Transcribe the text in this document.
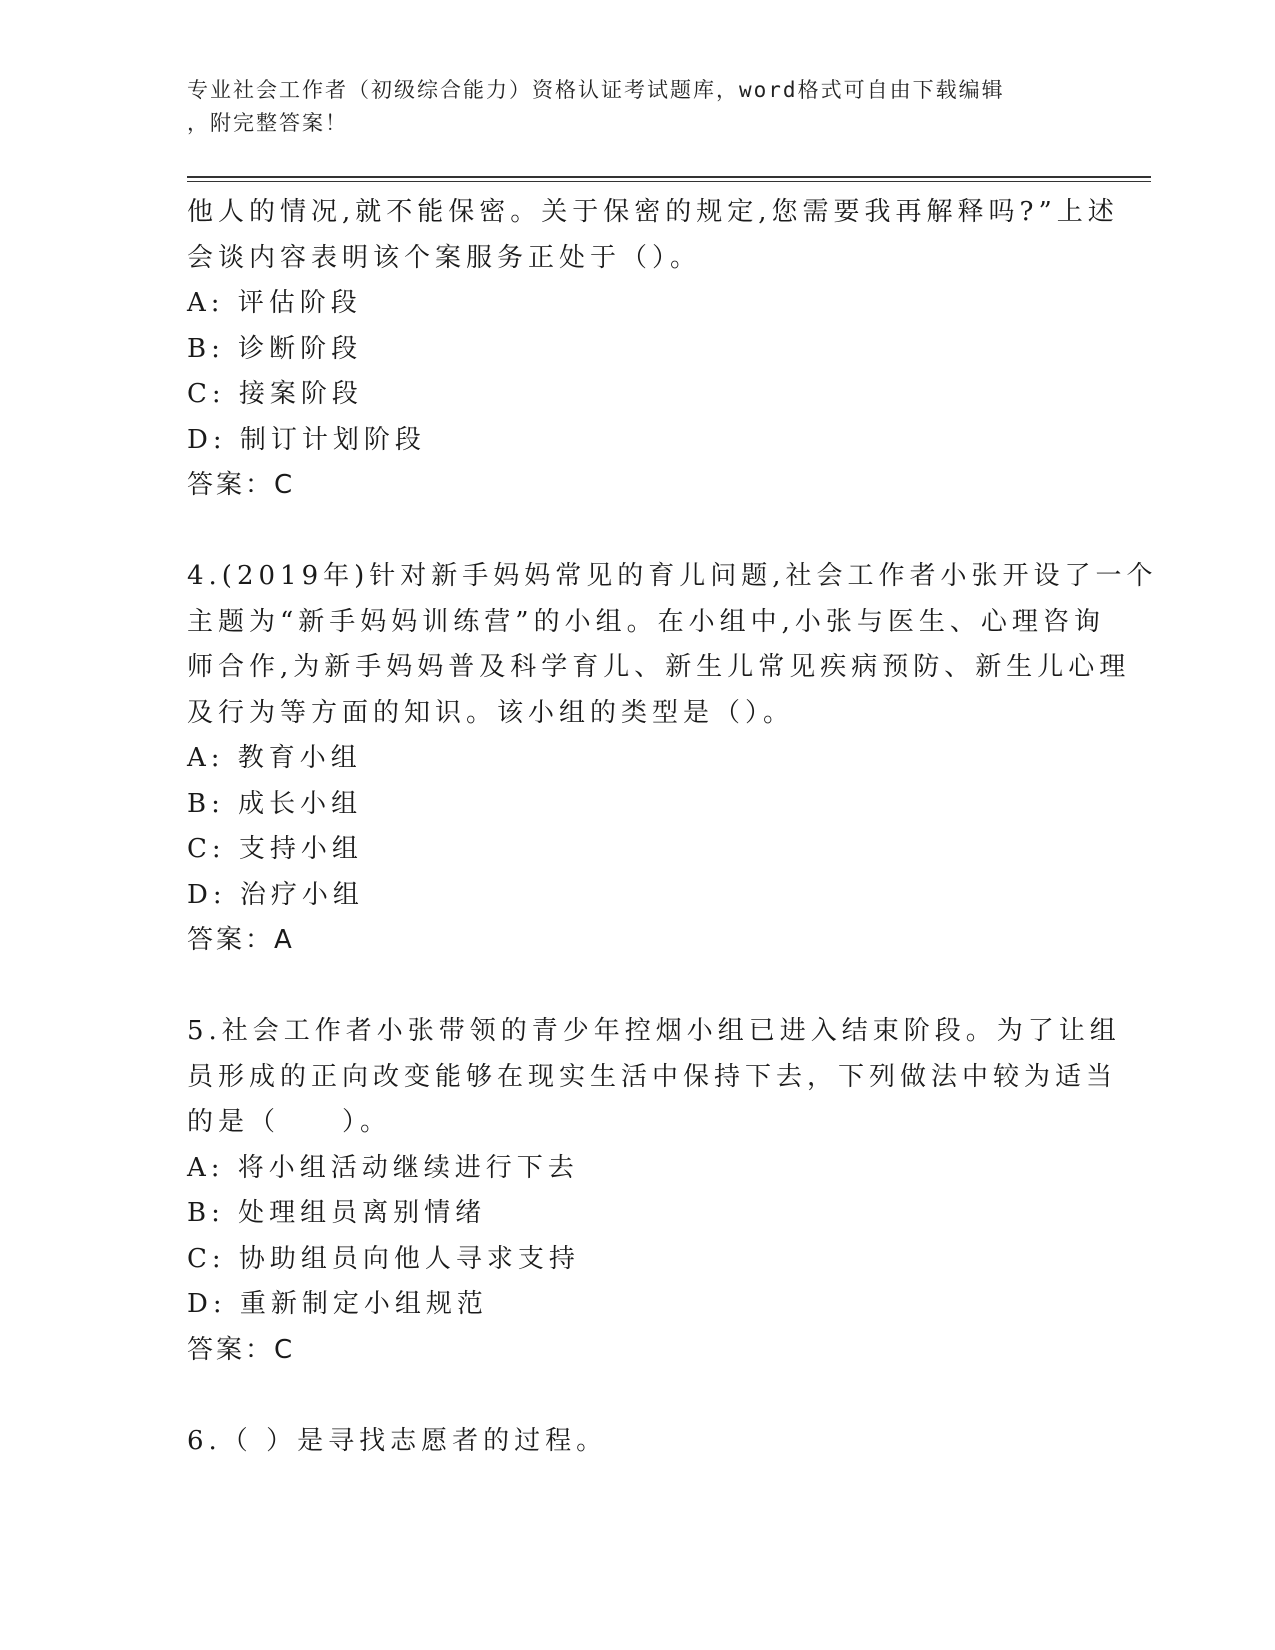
专业社会工作者（初级综合能力）资格认证考试题库，word格式可自由下载编辑
，附完整答案！
他人的情况,就不能保密。关于保密的规定,您需要我再解释吗?”上述
会谈内容表明该个案服务正处于（）。
A: 评估阶段
B: 诊断阶段
C: 接案阶段
D: 制订计划阶段
答案：C
4.(2019年)针对新手妈妈常见的育儿问题,社会工作者小张开设了一个
主题为“新手妈妈训练营”的小组。在小组中,小张与医生、心理咨询
师合作,为新手妈妈普及科学育儿、新生儿常见疾病预防、新生儿心理
及行为等方面的知识。该小组的类型是（）。
A: 教育小组
B: 成长小组
C: 支持小组
D: 治疗小组
答案：A
5.社会工作者小张带领的青少年控烟小组已进入结束阶段。为了让组
员形成的正向改变能够在现实生活中保持下去，下列做法中较为适当
的是（　　）。
A: 将小组活动继续进行下去
B: 处理组员离别情绪
C: 协助组员向他人寻求支持
D: 重新制定小组规范
答案：C
6.（ ）是寻找志愿者的过程。
